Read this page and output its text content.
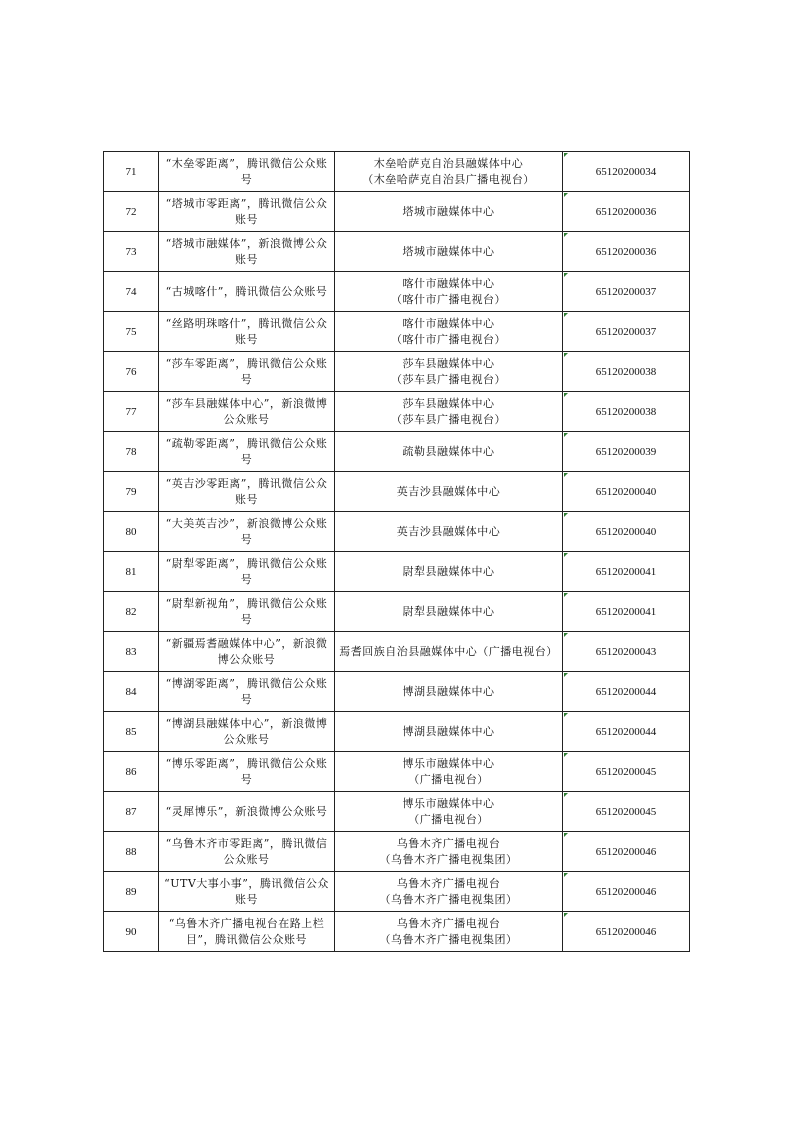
71	“木垒零距离”，腾讯微信公众账
号	木垒哈萨克自治县融媒体中心
（木垒哈萨克自治县广播电视台）	65120200034
72	“塔城市零距离”，腾讯微信公众
账号	塔城市融媒体中心	65120200036
73	“塔城市融媒体”，新浪微博公众
账号	塔城市融媒体中心	65120200036
74	“古城喀什”，腾讯微信公众账号	喀什市融媒体中心
（喀什市广播电视台）	65120200037
75	“丝路明珠喀什”，腾讯微信公众
账号	喀什市融媒体中心
（喀什市广播电视台）	65120200037
76	“莎车零距离”，腾讯微信公众账
号	莎车县融媒体中心
（莎车县广播电视台）	65120200038
77	“莎车县融媒体中心”，新浪微博
公众账号	莎车县融媒体中心
（莎车县广播电视台）	65120200038
78	“疏勒零距离”，腾讯微信公众账
号	疏勒县融媒体中心	65120200039
79	“英吉沙零距离”，腾讯微信公众
账号	英吉沙县融媒体中心	65120200040
80	“大美英吉沙”，新浪微博公众账
号	英吉沙县融媒体中心	65120200040
81	“尉犁零距离”，腾讯微信公众账
号	尉犁县融媒体中心	65120200041
82	“尉犁新视角”，腾讯微信公众账
号	尉犁县融媒体中心	65120200041
83	“新疆焉耆融媒体中心”，新浪微
博公众账号	焉耆回族自治县融媒体中心（广播电视台）	65120200043
84	“博湖零距离”，腾讯微信公众账
号	博湖县融媒体中心	65120200044
85	“博湖县融媒体中心”，新浪微博
公众账号	博湖县融媒体中心	65120200044
86	“博乐零距离”，腾讯微信公众账
号	博乐市融媒体中心
（广播电视台）	65120200045
87	“灵犀博乐”，新浪微博公众账号	博乐市融媒体中心
（广播电视台）	65120200045
88	“乌鲁木齐市零距离”，腾讯微信
公众账号	乌鲁木齐广播电视台
（乌鲁木齐广播电视集团）	65120200046
89	“UTV大事小事”，腾讯微信公众
账号	乌鲁木齐广播电视台
（乌鲁木齐广播电视集团）	65120200046
90	“乌鲁木齐广播电视台在路上栏
目”，腾讯微信公众账号	乌鲁木齐广播电视台
（乌鲁木齐广播电视集团）	65120200046
